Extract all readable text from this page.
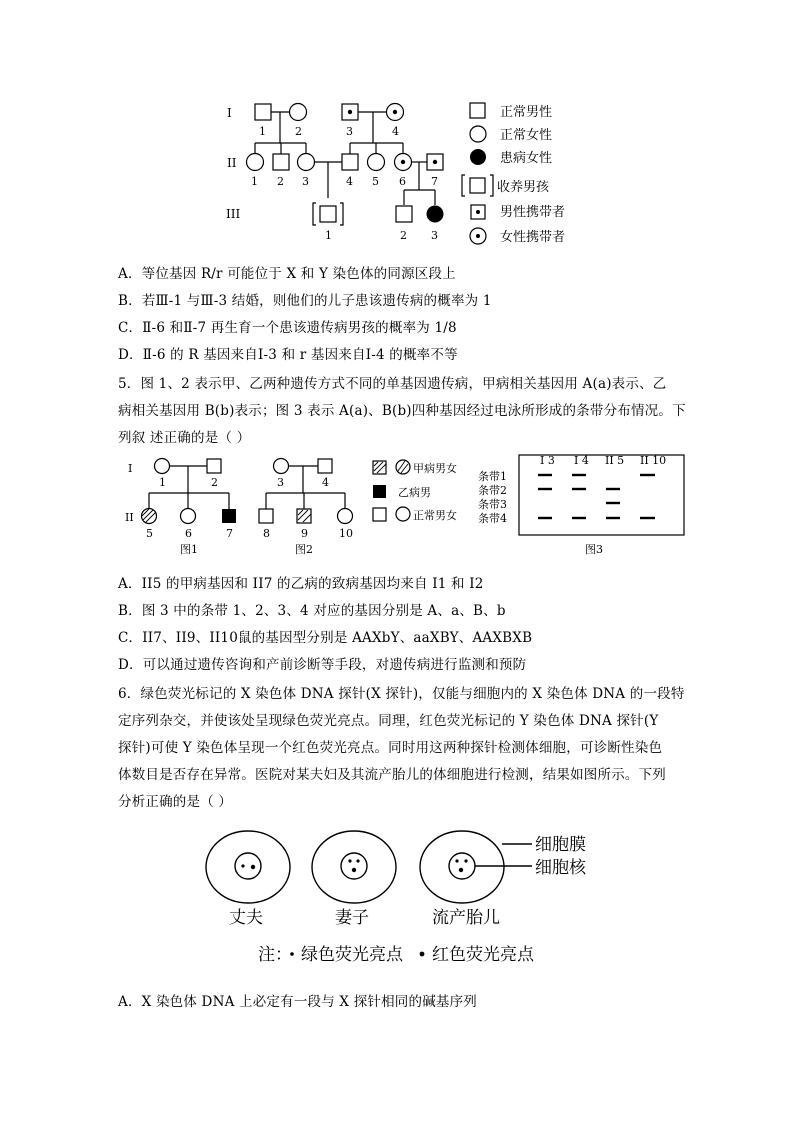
I
II
III
1	2	3	4
1 2 3	4 5 6 7
1	2 3
正常男性
正常女性
患病女性
收养男孩
男性携带者
女性携带者
A．等位基因 R/r 可能位于 X 和 Y 染色体的同源区段上
B．若Ⅲ-1 与Ⅲ-3 结婚，则他们的儿子患该遗传病的概率为 1
C．Ⅱ-6 和Ⅱ-7 再生育一个患该遗传病男孩的概率为 1/8
D．Ⅱ-6 的 R 基因来自Ⅰ-3 和 r 基因来自Ⅰ-4 的概率不等
5．图 1、2 表示甲、乙两种遗传方式不同的单基因遗传病，甲病相关基因用 A(a)表示、乙
病相关基因用 B(b)表示；图 3 表示 A(a)、B(b)四种基因经过电泳所形成的条带分布情况。下
列叙 述正确的是（ ）
I
II
1	2
5	6	7
3	4
8	9	10
图1	图2	图3
甲病男女
乙病男
正常男女
I 3 I 4 II 5 II 10
条带1
条带2
条带3
条带4
A．II5 的甲病基因和 II7 的乙病的致病基因均来自 I1 和 I2
B．图 3 中的条带 1、2、3、4 对应的基因分别是 A、a、B、b
C．II7、II9、II10鼠的基因型分别是 AAXbY、aaXBY、AAXBXB
D．可以通过遗传咨询和产前诊断等手段，对遗传病进行监测和预防
6．绿色荧光标记的 X 染色体 DNA 探针(X 探针)，仅能与细胞内的 X 染色体 DNA 的一段特
定序列杂交，并使该处呈现绿色荧光亮点。同理，红色荧光标记的 Y 染色体 DNA 探针(Y
探针)可使 Y 染色体呈现一个红色荧光亮点。同时用这两种探针检测体细胞，可诊断性染色
体数目是否存在异常。医院对某夫妇及其流产胎儿的体细胞进行检测，结果如图所示。下列
分析正确的是（ ）
丈夫	妻子	流产胎儿
细胞膜
细胞核
注： 绿色荧光亮点 红色荧光亮点
A．X 染色体 DNA 上必定有一段与 X 探针相同的碱基序列
